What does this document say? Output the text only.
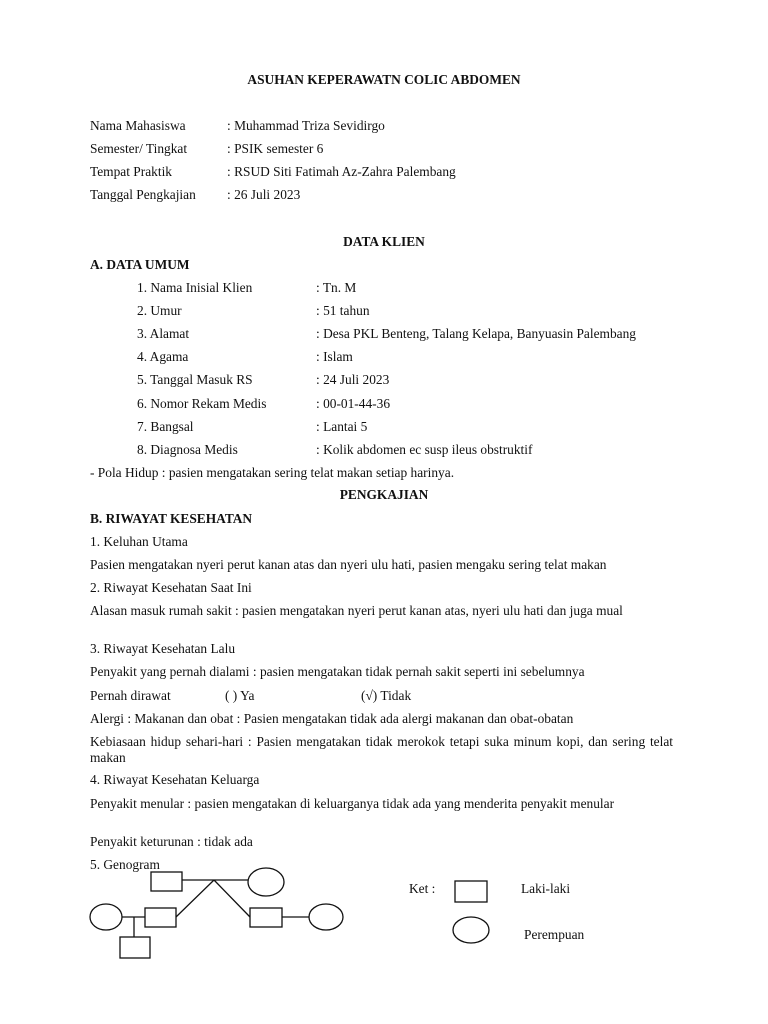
ASUHAN KEPERAWATN COLIC ABDOMEN
Nama Mahasiswa	: Muhammad Triza Sevidirgo
Semester/ Tingkat	: PSIK semester 6
Tempat Praktik	: RSUD Siti Fatimah Az-Zahra Palembang
Tanggal Pengkajian : 26 Juli 2023
DATA KLIEN
A. DATA UMUM
1. Nama Inisial Klien	: Tn. M
2. Umur	: 51 tahun
3. Alamat	: Desa PKL Benteng, Talang Kelapa, Banyuasin Palembang
4. Agama	: Islam
5. Tanggal Masuk RS	: 24 Juli 2023
6. Nomor Rekam Medis	: 00-01-44-36
7. Bangsal	: Lantai 5
8. Diagnosa Medis	: Kolik abdomen ec susp ileus obstruktif
- Pola Hidup : pasien mengatakan sering telat makan setiap harinya.
PENGKAJIAN
B. RIWAYAT KESEHATAN
1. Keluhan Utama
Pasien mengatakan nyeri perut kanan atas dan nyeri ulu hati, pasien mengaku sering telat makan
2. Riwayat Kesehatan Saat Ini
Alasan masuk rumah sakit : pasien mengatakan nyeri perut kanan atas, nyeri ulu hati dan juga mual
3. Riwayat Kesehatan Lalu
Penyakit yang pernah dialami : pasien mengatakan tidak pernah sakit seperti ini sebelumnya
Pernah dirawat	( ) Ya	(√) Tidak
Alergi : Makanan dan obat : Pasien mengatakan tidak ada alergi makanan dan obat-obatan
Kebiasaan hidup sehari-hari : Pasien mengatakan tidak merokok tetapi suka minum kopi, dan sering telat makan
4. Riwayat Kesehatan Keluarga
Penyakit menular : pasien mengatakan di keluarganya tidak ada yang menderita penyakit menular
Penyakit keturunan : tidak ada
5. Genogram
Ket :	Laki-laki
Perempuan
